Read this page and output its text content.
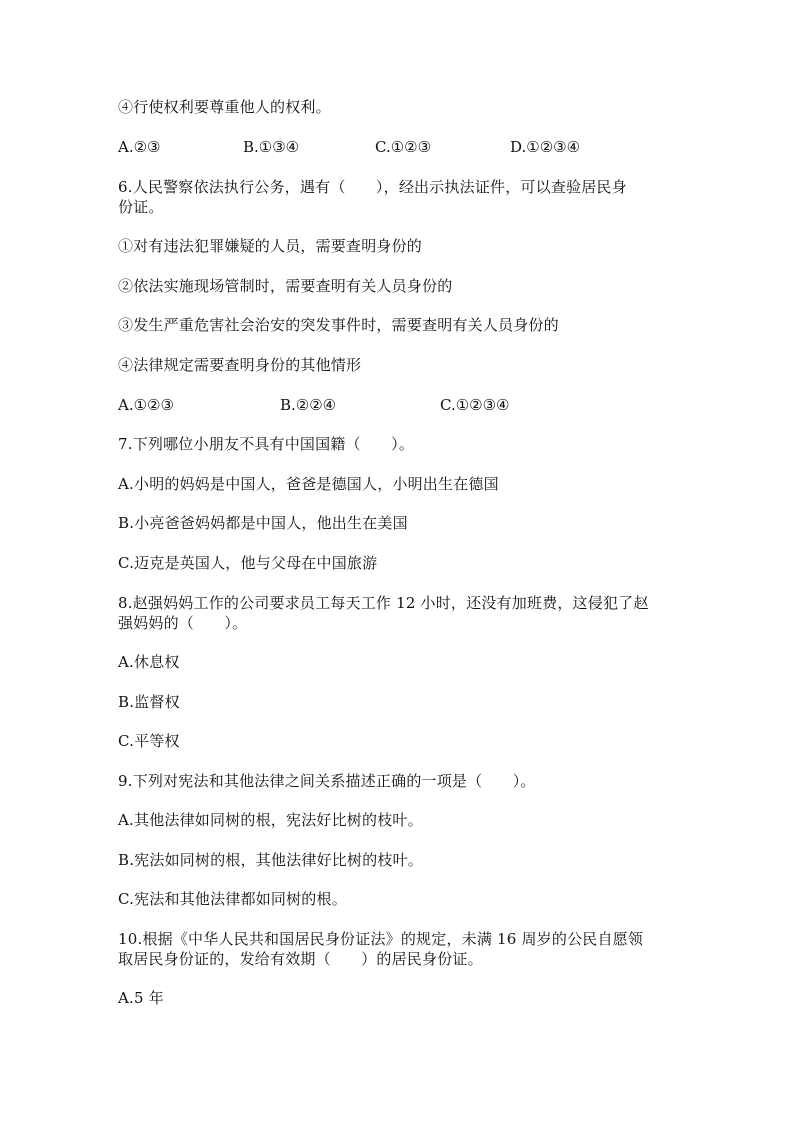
④行使权利要尊重他人的权利。
A.②③	B.①③④	C.①②③	D.①②③④
6.人民警察依法执行公务，遇有（　　），经出示执法证件，可以查验居民身
份证。
①对有违法犯罪嫌疑的人员，需要查明身份的
②依法实施现场管制时，需要查明有关人员身份的
③发生严重危害社会治安的突发事件时，需要查明有关人员身份的
④法律规定需要查明身份的其他情形
A.①②③	B.②②④	C.①②③④
7.下列哪位小朋友不具有中国国籍（　　）。
A.小明的妈妈是中国人，爸爸是德国人，小明出生在德国
B.小亮爸爸妈妈都是中国人，他出生在美国
C.迈克是英国人，他与父母在中国旅游
8.赵强妈妈工作的公司要求员工每天工作 12 小时，还没有加班费，这侵犯了赵
强妈妈的（　　）。
A.休息权
B.监督权
C.平等权
9.下列对宪法和其他法律之间关系描述正确的一项是（　　）。
A.其他法律如同树的根，宪法好比树的枝叶。
B.宪法如同树的根，其他法律好比树的枝叶。
C.宪法和其他法律都如同树的根。
10.根据《中华人民共和国居民身份证法》的规定，未满 16 周岁的公民自愿领
取居民身份证的，发给有效期（　　）的居民身份证。
A.5 年
